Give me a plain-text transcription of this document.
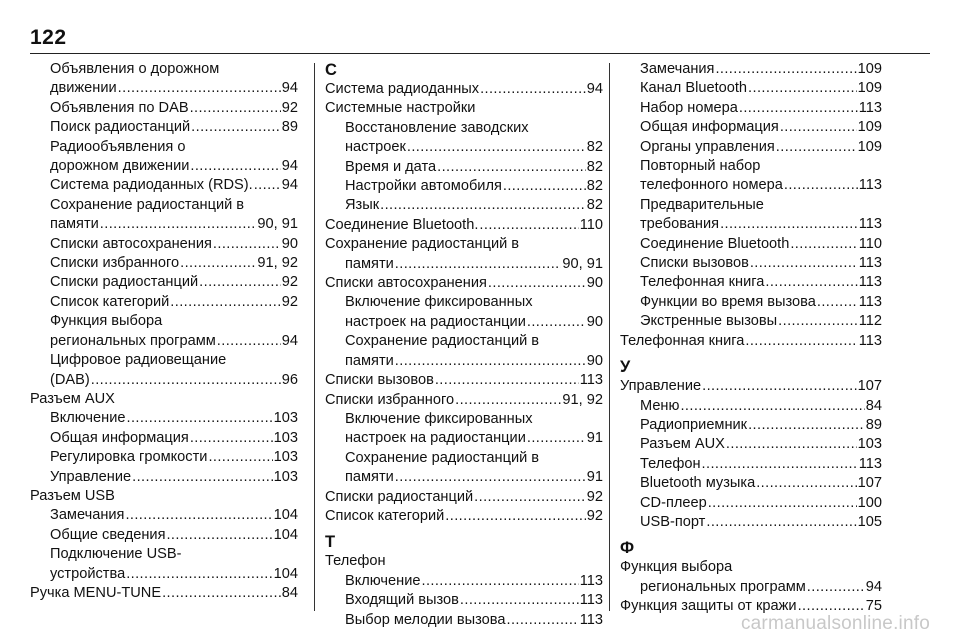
122
Объявления о дорожном
движении .....	94
Объявления по DAB .....	92
Поиск радиостанций .....	89
Радиообъявления о
дорожном движении .....	94
Система радиоданных (RDS). ..... 94
Сохранение радиостанций в
памяти .....	90, 91
Списки автосохранения .....	90
Списки избранного .....	91, 92
Списки радиостанций .....	92
Список категорий .....	92
Функция выбора
региональных программ .....	94
Цифровое радиовещание
(DAB) .....	96
Разъем AUX
Включение .....	103
Общая информация .....	103
Регулировка громкости .....	103
Управление .....	103
Разъем USB
Замечания .....	104
Общие сведения .....	104
Подключение USB-
устройства .....	104
Ручка MENU-TUNE .....	84
С
Система радиоданных .....	94
Системные настройки
Восстановление заводских
настроек .....	82
Время и дата .....	82
Настройки автомобиля .....	82
Язык .....	82
Соединение Bluetooth. .....	110
Сохранение радиостанций в
памяти .....	90, 91
Списки автосохранения .....	90
Включение фиксированных
настроек на радиостанции .....	90
Сохранение радиостанций в
памяти .....	90
Списки вызовов .....	113
Списки избранного .....	91, 92
Включение фиксированных
настроек на радиостанции .....	91
Сохранение радиостанций в
памяти .....	91
Списки радиостанций .....	92
Список категорий .....	92
Т
Телефон
Включение .....	113
Входящий вызов .....	113
Выбор мелодии вызова .....	113
Замечания .....	109
Канал Bluetooth .....	109
Набор номера .....	113
Общая информация .....	109
Органы управления .....	109
Повторный набор
телефонного номера .....	113
Предварительные
требования .....	113
Соединение Bluetooth .....	110
Списки вызовов .....	113
Телефонная книга .....	113
Функции во время вызова .....	113
Экстренные вызовы .....	112
Телефонная книга .....	113
У
Управление .....	107
Меню .....	84
Радиоприемник .....	89
Разъем AUX .....	103
Телефон .....	113
Bluetooth музыка .....	107
CD-плеер .....	100
USB-порт .....	105
Ф
Функция выбора
региональных программ .....	94
Функция защиты от кражи .....	75
carmanualsonline.info
